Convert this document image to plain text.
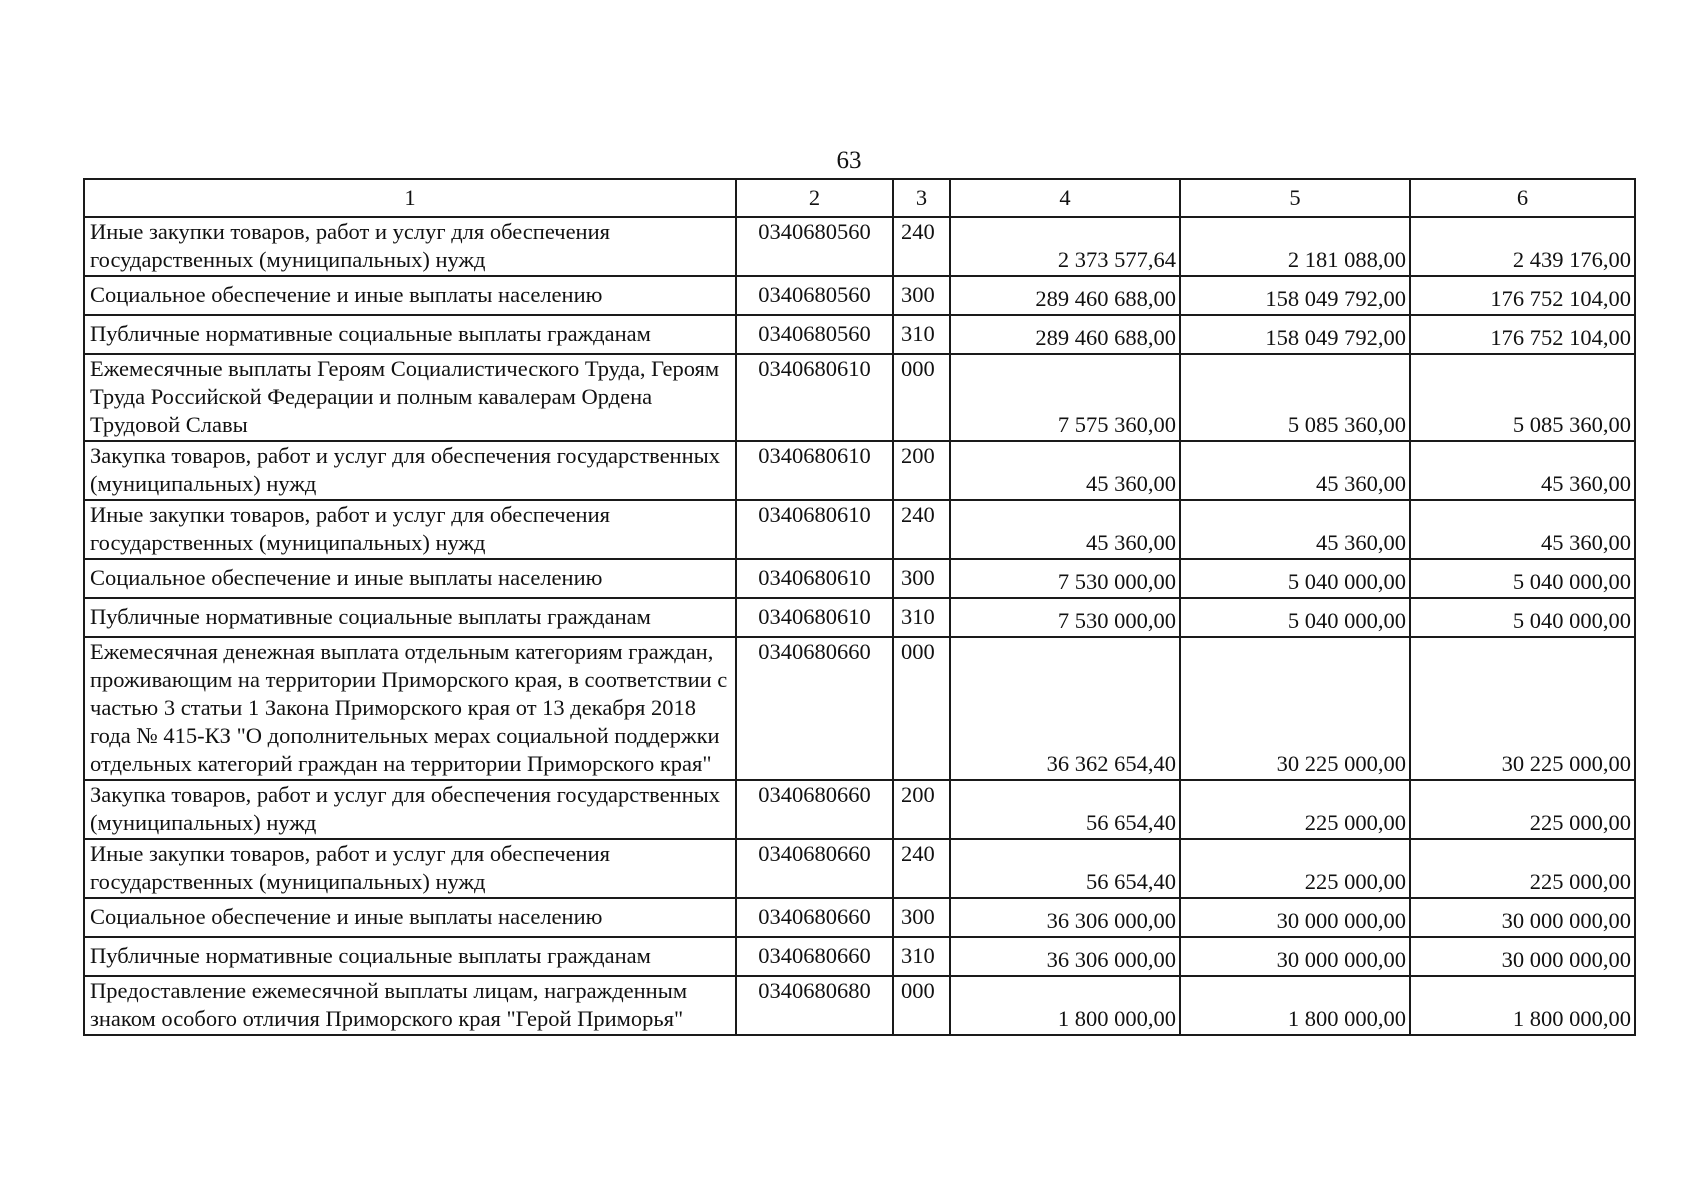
63
1	2	3	4	5	6
Иные закупки товаров, работ и услуг для обеспечения государственных (муниципальных) нужд	0340680560	240	2 373 577,64	2 181 088,00	2 439 176,00
Социальное обеспечение и иные выплаты населению	0340680560	300	289 460 688,00	158 049 792,00	176 752 104,00
Публичные нормативные социальные выплаты гражданам	0340680560	310	289 460 688,00	158 049 792,00	176 752 104,00
Ежемесячные выплаты Героям Социалистического Труда, Героям Труда Российской Федерации и полным кавалерам Ордена Трудовой Славы	0340680610	000	7 575 360,00	5 085 360,00	5 085 360,00
Закупка товаров, работ и услуг для обеспечения государственных (муниципальных) нужд	0340680610	200	45 360,00	45 360,00	45 360,00
Иные закупки товаров, работ и услуг для обеспечения государственных (муниципальных) нужд	0340680610	240	45 360,00	45 360,00	45 360,00
Социальное обеспечение и иные выплаты населению	0340680610	300	7 530 000,00	5 040 000,00	5 040 000,00
Публичные нормативные социальные выплаты гражданам	0340680610	310	7 530 000,00	5 040 000,00	5 040 000,00
Ежемесячная денежная выплата отдельным категориям граждан, проживающим на территории Приморского края, в соответствии с частью 3 статьи 1 Закона Приморского края от 13 декабря 2018 года № 415-КЗ "О дополнительных мерах социальной поддержки отдельных категорий граждан на территории Приморского края"	0340680660	000	36 362 654,40	30 225 000,00	30 225 000,00
Закупка товаров, работ и услуг для обеспечения государственных (муниципальных) нужд	0340680660	200	56 654,40	225 000,00	225 000,00
Иные закупки товаров, работ и услуг для обеспечения государственных (муниципальных) нужд	0340680660	240	56 654,40	225 000,00	225 000,00
Социальное обеспечение и иные выплаты населению	0340680660	300	36 306 000,00	30 000 000,00	30 000 000,00
Публичные нормативные социальные выплаты гражданам	0340680660	310	36 306 000,00	30 000 000,00	30 000 000,00
Предоставление ежемесячной выплаты лицам, награжденным знаком особого отличия Приморского края "Герой Приморья"	0340680680	000	1 800 000,00	1 800 000,00	1 800 000,00
